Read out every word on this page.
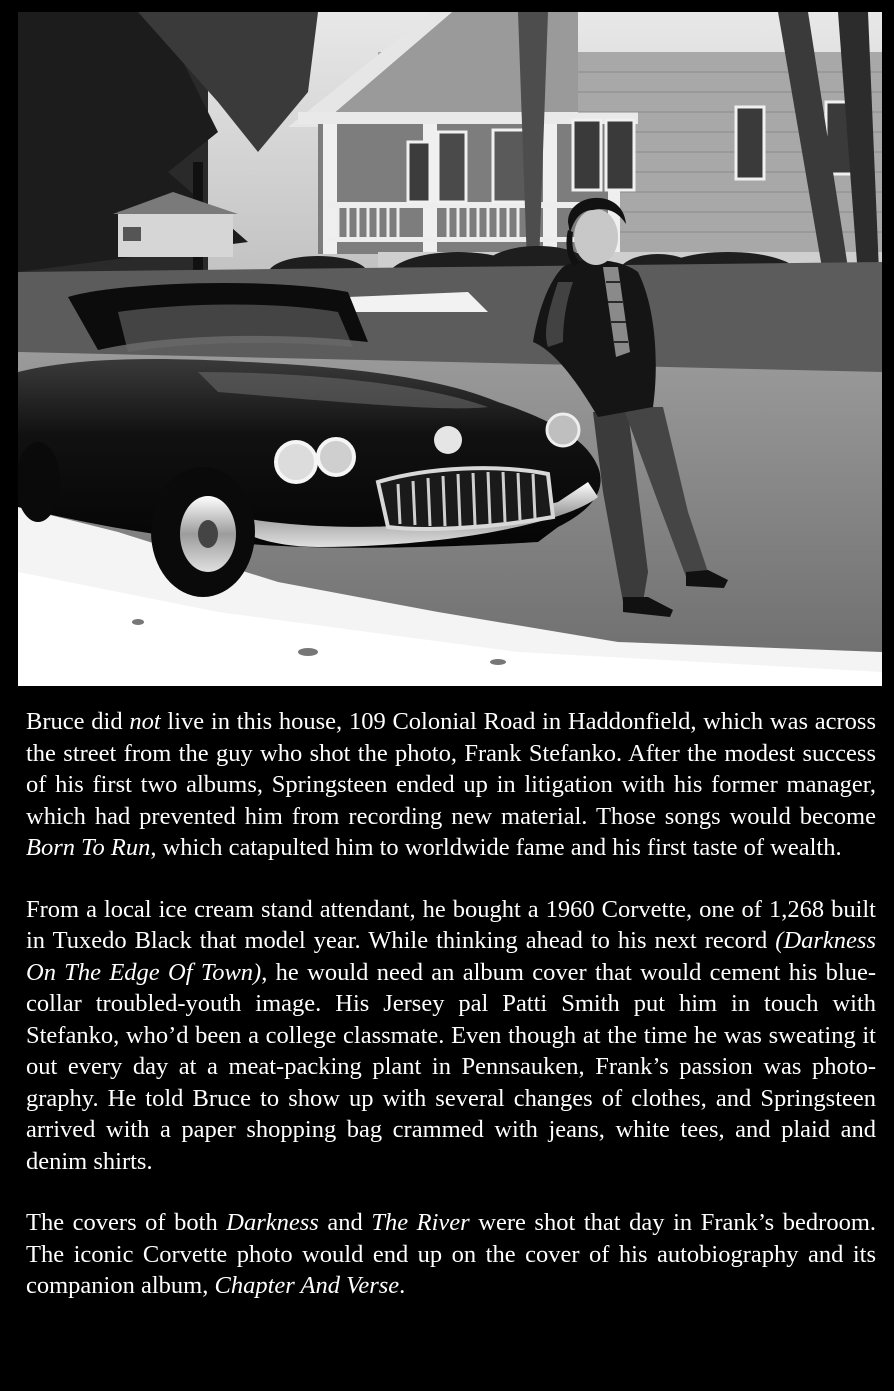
Bruce did not live in this house, 109 Colonial Road in Haddonfield, which was across the street from the guy who shot the photo, Frank Stefanko. After the modest success of his first two albums, Springsteen ended up in litigation with his former manager, which had prevented him from recording new material. Those songs would become Born To Run, which catapulted him to worldwide fame and his first taste of wealth.

From a local ice cream stand attendant, he bought a 1960 Corvette, one of 1,268 built in Tuxedo Black that model year. While thinking ahead to his next record (Darkness On The Edge Of Town), he would need an album cover that would cement his blue-collar troubled-youth image. His Jersey pal Patti Smith put him in touch with Stefanko, who’d been a college classmate. Even though at the time he was sweating it out every day at a meat-packing plant in Pennsauken, Frank’s passion was photography. He told Bruce to show up with several changes of clothes, and Springsteen arrived with a paper shopping bag crammed with jeans, white tees, and plaid and denim shirts.

The covers of both Darkness and The River were shot that day in Frank’s bedroom. The iconic Corvette photo would end up on the cover of his autobiography and its companion album, Chapter And Verse.
